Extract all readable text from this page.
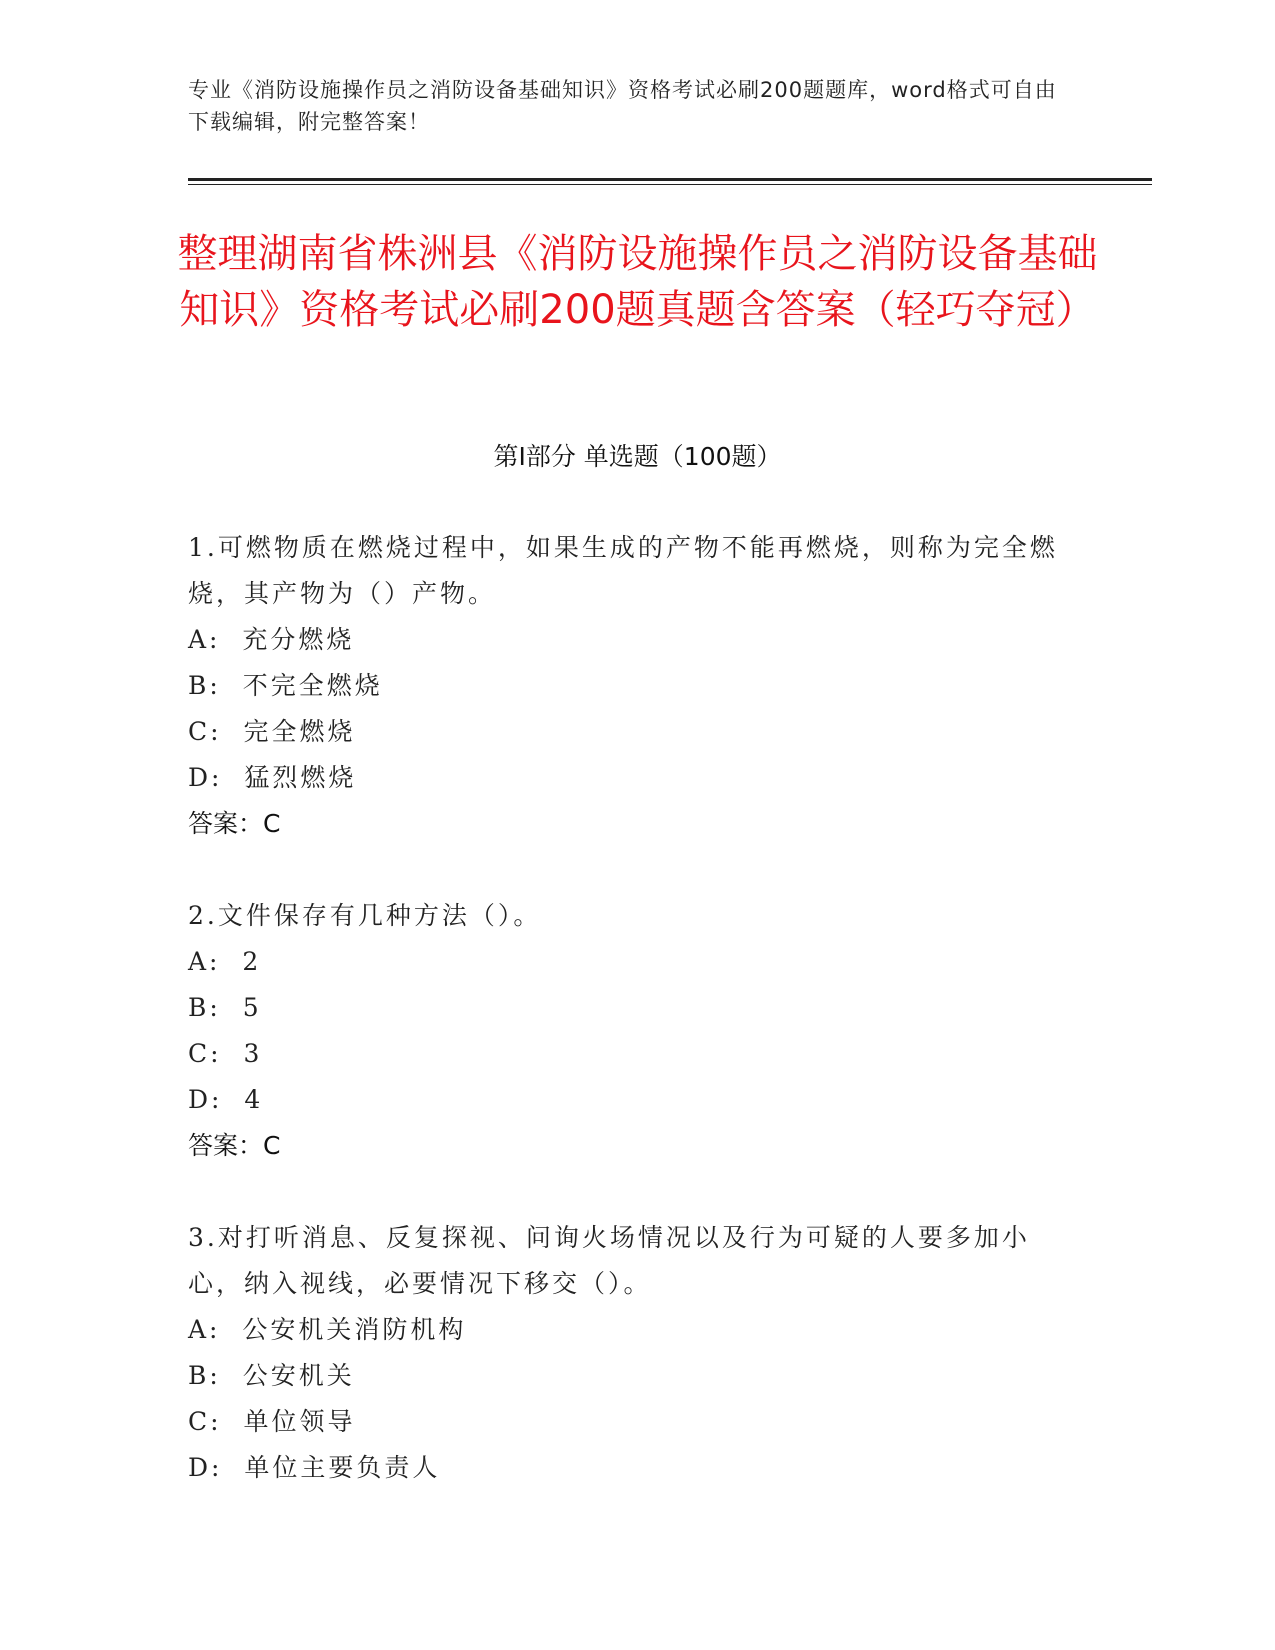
专业《消防设施操作员之消防设备基础知识》资格考试必刷200题题库，word格式可自由下载编辑，附完整答案！
整理湖南省株洲县《消防设施操作员之消防设备基础知识》资格考试必刷200题真题含答案（轻巧夺冠）
第Ⅰ部分 单选题（100题）
1.可燃物质在燃烧过程中，如果生成的产物不能再燃烧，则称为完全燃烧，其产物为（）产物。
A:  充分燃烧
B:  不完全燃烧
C:  完全燃烧
D:  猛烈燃烧
答案：C
2.文件保存有几种方法（）。
A:  2
B:  5
C:  3
D:  4
答案：C
3.对打听消息、反复探视、问询火场情况以及行为可疑的人要多加小心，纳入视线，必要情况下移交（）。
A:  公安机关消防机构
B:  公安机关
C:  单位领导
D:  单位主要负责人
